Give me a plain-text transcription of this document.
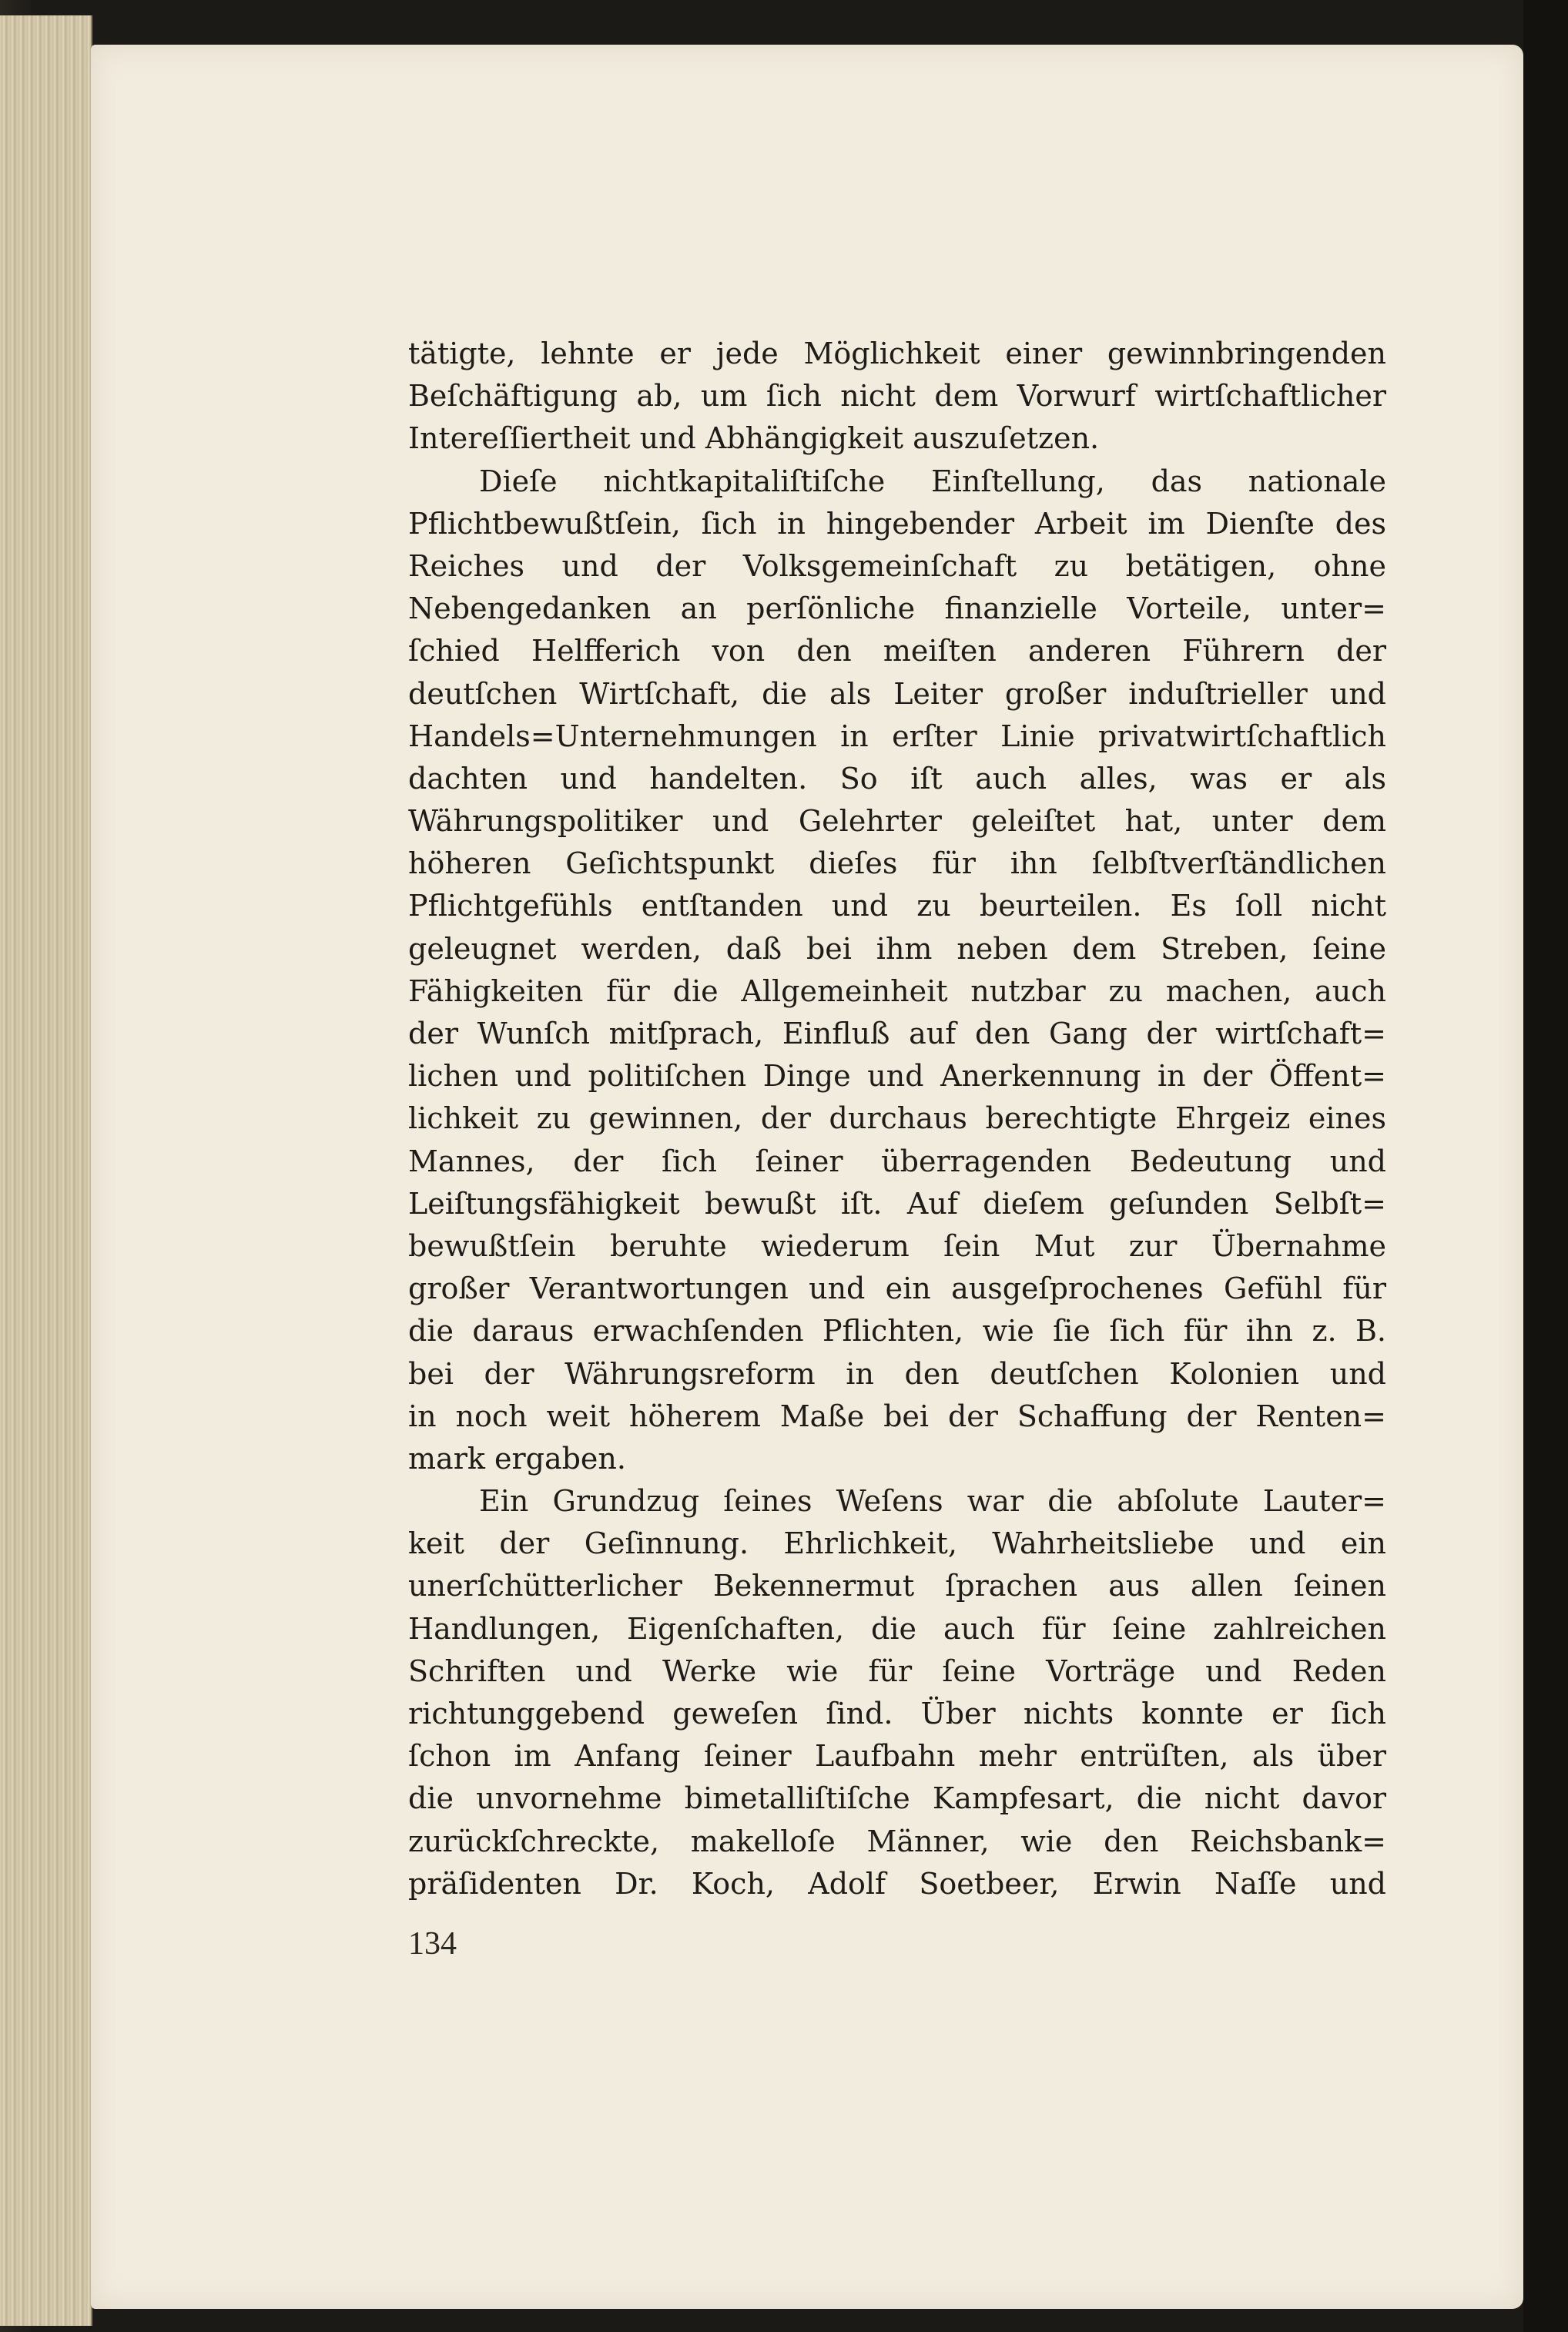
tätigte, lehnte er jede Möglichkeit einer gewinnbringenden
Beſchäftigung ab, um ſich nicht dem Vorwurf wirtſchaftlicher
Intereſſiertheit und Abhängigkeit auszuſetzen.
Dieſe nichtkapitaliſtiſche Einſtellung, das nationale
Pflichtbewußtſein, ſich in hingebender Arbeit im Dienſte des
Reiches und der Volksgemeinſchaft zu betätigen, ohne
Nebengedanken an perſönliche finanzielle Vorteile, unter=
ſchied Helfferich von den meiſten anderen Führern der
deutſchen Wirtſchaft, die als Leiter großer induſtrieller und
Handels=Unternehmungen in erſter Linie privatwirtſchaftlich
dachten und handelten. So iſt auch alles, was er als
Währungspolitiker und Gelehrter geleiſtet hat, unter dem
höheren Geſichtspunkt dieſes für ihn ſelbſtverſtändlichen
Pflichtgefühls entſtanden und zu beurteilen. Es ſoll nicht
geleugnet werden, daß bei ihm neben dem Streben, ſeine
Fähigkeiten für die Allgemeinheit nutzbar zu machen, auch
der Wunſch mitſprach, Einfluß auf den Gang der wirtſchaft=
lichen und politiſchen Dinge und Anerkennung in der Öffent=
lichkeit zu gewinnen, der durchaus berechtigte Ehrgeiz eines
Mannes, der ſich ſeiner überragenden Bedeutung und
Leiſtungsfähigkeit bewußt iſt. Auf dieſem geſunden Selbſt=
bewußtſein beruhte wiederum ſein Mut zur Übernahme
großer Verantwortungen und ein ausgeſprochenes Gefühl für
die daraus erwachſenden Pflichten, wie ſie ſich für ihn z. B.
bei der Währungsreform in den deutſchen Kolonien und
in noch weit höherem Maße bei der Schaffung der Renten=
mark ergaben.
Ein Grundzug ſeines Weſens war die abſolute Lauter=
keit der Geſinnung. Ehrlichkeit, Wahrheitsliebe und ein
unerſchütterlicher Bekennermut ſprachen aus allen ſeinen
Handlungen, Eigenſchaften, die auch für ſeine zahlreichen
Schriften und Werke wie für ſeine Vorträge und Reden
richtunggebend geweſen ſind. Über nichts konnte er ſich
ſchon im Anfang ſeiner Laufbahn mehr entrüſten, als über
die unvornehme bimetalliſtiſche Kampfesart, die nicht davor
zurückſchreckte, makelloſe Männer, wie den Reichsbank=
präſidenten Dr. Koch, Adolf Soetbeer, Erwin Naſſe und
134
